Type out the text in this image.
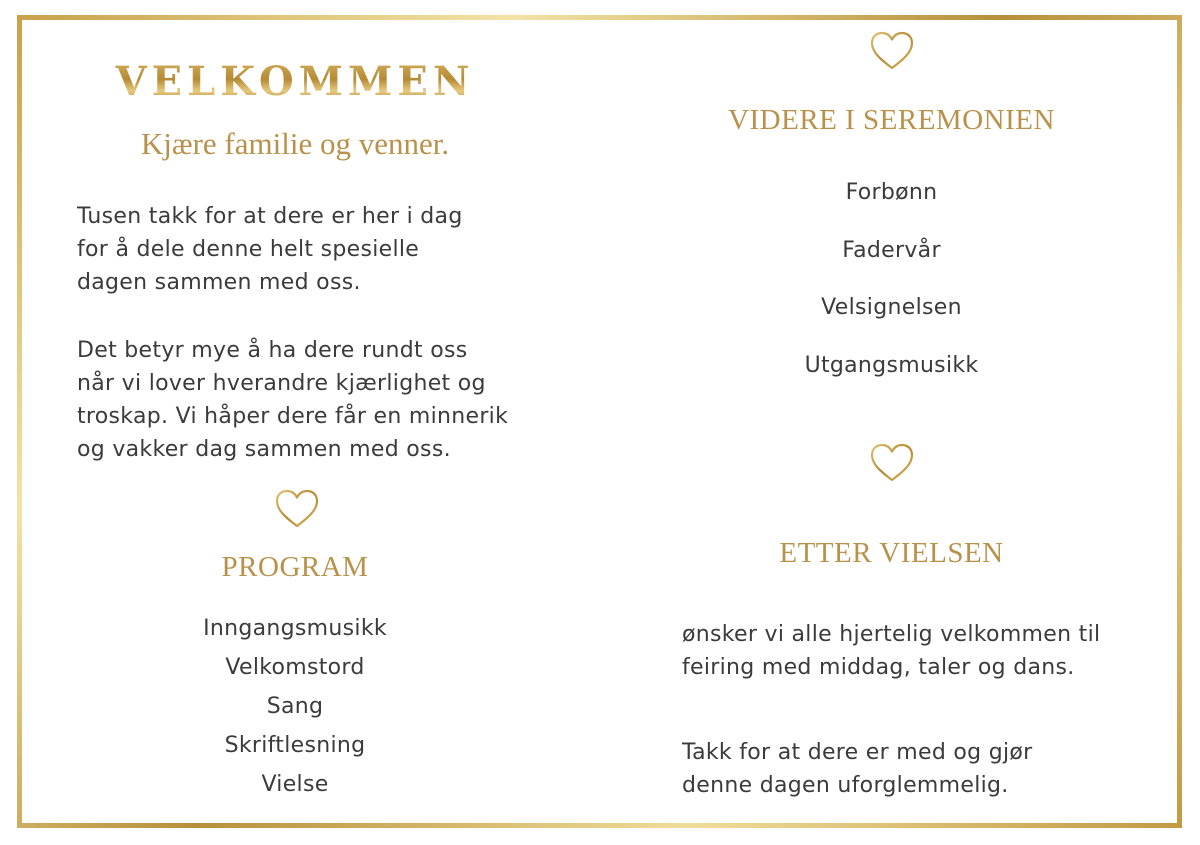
VELKOMMEN
Kjære familie og venner.

Tusen takk for at dere er her i dag
for å dele denne helt spesielle
dagen sammen med oss.

Det betyr mye å ha dere rundt oss
når vi lover hverandre kjærlighet og
troskap. Vi håper dere får en minnerik
og vakker dag sammen med oss.

PROGRAM
Inngangsmusikk
Velkomstord
Sang
Skriftlesning
Vielse
VIDERE I SEREMONIEN
Forbønn
Fadervår
Velsignelsen
Utgangsmusikk
ETTER VIELSEN

ønsker vi alle hjertelig velkommen til
feiring med middag, taler og dans.

Takk for at dere er med og gjør
denne dagen uforglemmelig.
